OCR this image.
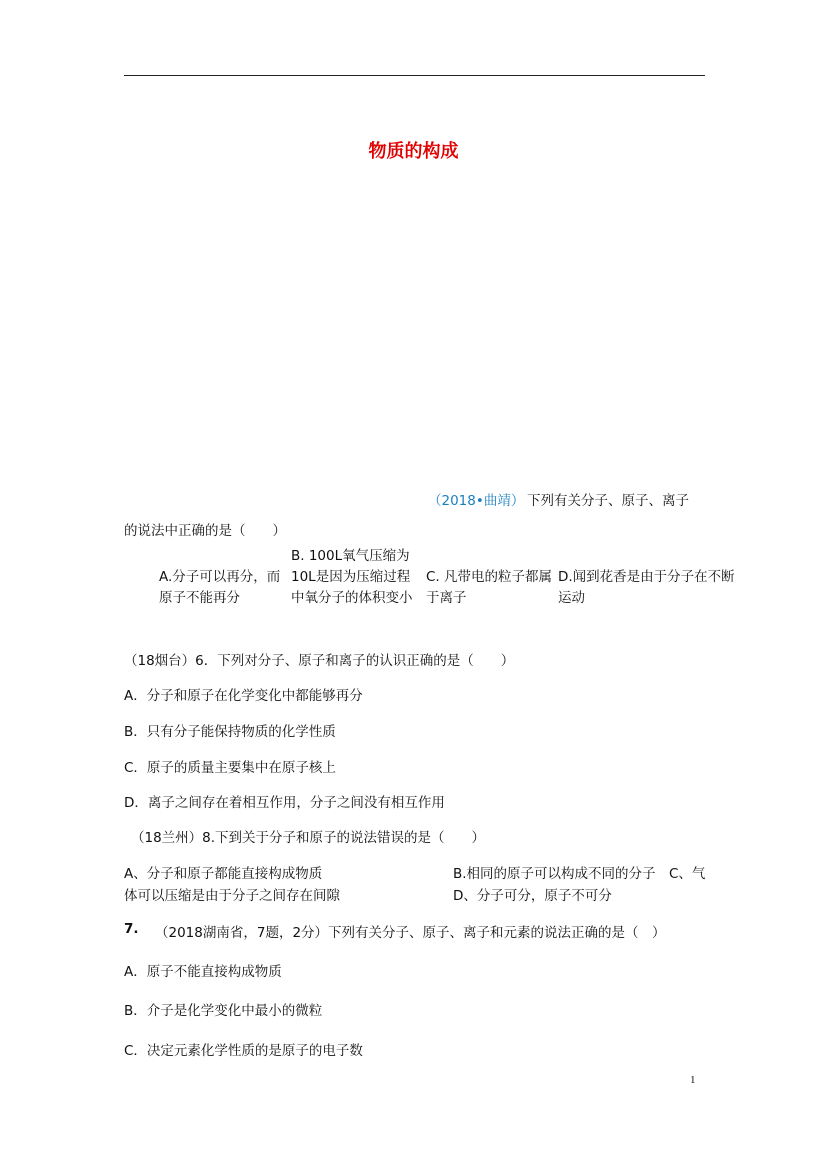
物质的构成
（2018•曲靖） 下列有关分子、原子、离子
的说法中正确的是（　　）
A.分子可以再分，而原子不能再分
B. 100L氧气压缩为10L是因为压缩过程中氧分子的体积变小
C. 凡带电的粒子都属于离子
D.闻到花香是由于分子在不断运动
（18烟台）6．下列对分子、原子和离子的认识正确的是（　　）
A．分子和原子在化学变化中都能够再分
B．只有分子能保持物质的化学性质
C．原子的质量主要集中在原子核上
D．离子之间存在着相互作用，分子之间没有相互作用
（18兰州）8.下到关于分子和原子的说法错误的是（　　）
A、分子和原子都能直接构成物质	B.相同的原子可以构成不同的分子 C、气
体可以压缩是由于分子之间存在间隙	D、分子可分，原子不可分
7. （2018湖南省，7题，2分）下列有关分子、原子、离子和元素的说法正确的是（　）
A．原子不能直接构成物质
B．介子是化学变化中最小的微粒
C．决定元素化学性质的是原子的电子数
1
